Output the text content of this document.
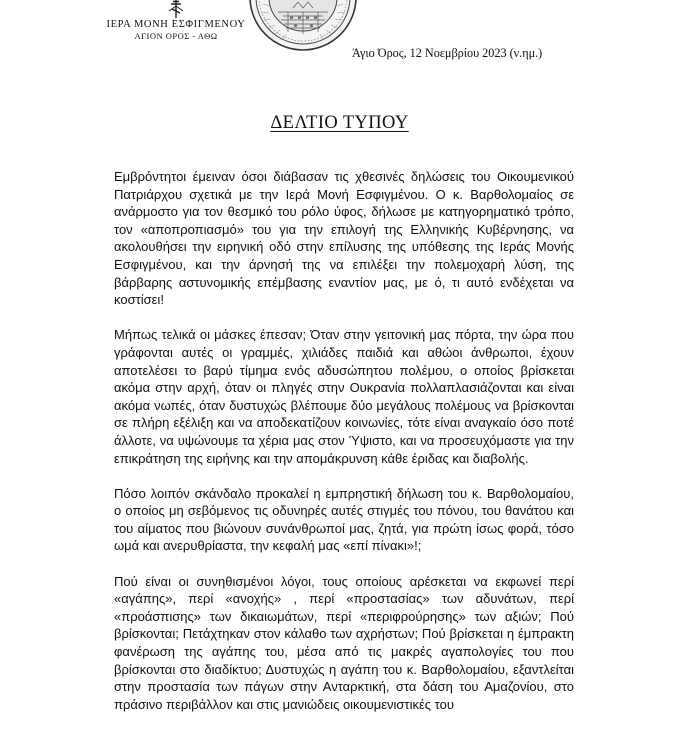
ΙΕΡΑ ΜΟΝΗ ΕΣΦΙΓΜΕΝΟΥ
ΑΓΙΟΝ ΟΡΟΣ - ΑΘΩ
Άγιο Όρος, 12 Νοεμβρίου 2023 (ν.ημ.)
ΔΕΛΤΙΟ ΤΥΠΟΥ

Εμβρόντητοι έμειναν όσοι διάβασαν τις χθεσινές δηλώσεις του Οικουμενικού Πατριάρχου σχετικά με την Ιερά Μονή Εσφιγμένου. Ο κ. Βαρθολομαίος σε ανάρμοστο για τον θεσμικό του ρόλο ύφος, δήλωσε με κατηγορηματικό τρόπο, τον «αποπροπιασμό» του για την επιλογή της Ελληνικής Κυβέρνησης, να ακολουθήσει την ειρηνική οδό στην επίλυσης της υπόθεσης της Ιεράς Μονής Εσφιγμένου, και την άρνησή της να επιλέξει την πολεμοχαρή λύση, της βάρβαρης αστυνομικής επέμβασης εναντίον μας, με ό, τι αυτό ενδέχεται να κοστίσει!

Μήπως τελικά οι μάσκες έπεσαν; Όταν στην γειτονική μας πόρτα, την ώρα που γράφονται αυτές οι γραμμές, χιλιάδες παιδιά και αθώοι άνθρωποι, έχουν αποτελέσει το βαρύ τίμημα ενός αδυσώπητου πολέμου, ο οποίος βρίσκεται ακόμα στην αρχή, όταν οι πληγές στην Ουκρανία πολλαπλασιάζονται και είναι ακόμα νωπές, όταν δυστυχώς βλέπουμε δύο μεγάλους πολέμους να βρίσκονται σε πλήρη εξέλιξη και να αποδεκατίζουν κοινωνίες, τότε είναι αναγκαίο όσο ποτέ άλλοτε, να υψώνουμε τα χέρια μας στον Ύψιστο, και να προσευχόμαστε για την επικράτηση της ειρήνης και την απομάκρυνση κάθε έριδας και διαβολής.

Πόσο λοιπόν σκάνδαλο προκαλεί η εμπρηστική δήλωση του κ. Βαρθολομαίου, ο οποίος μη σεβόμενος τις οδυνηρές αυτές στιγμές του πόνου, του θανάτου και του αίματος που βιώνουν συνάνθρωποί μας, ζητά, για πρώτη ίσως φορά, τόσο ωμά και ανερυθρίαστα, την κεφαλή μας «επί πίνακι»!;

Πού είναι οι συνηθισμένοι λόγοι, τους οποίους αρέσκεται να εκφωνεί περί «αγάπης», περί «ανοχής» , περί «προστασίας» των αδυνάτων, περί «προάσπισης» των δικαιωμάτων, περί «περιφρούρησης» των αξιών; Πού βρίσκονται; Πετάχτηκαν στον κάλαθο των αχρήστων; Πού βρίσκεται η έμπρακτη φανέρωση της αγάπης του, μέσα από τις μακρές αγαπολογίες του που βρίσκονται στο διαδίκτυο; Δυστυχώς η αγάπη του κ. Βαρθολομαίου, εξαντλείται στην προστασία των πάγων στην Ανταρκτική, στα δάση του Αμαζονίου, στο πράσινο περιβάλλον και στις μανιώδεις οικουμενιστικές του
